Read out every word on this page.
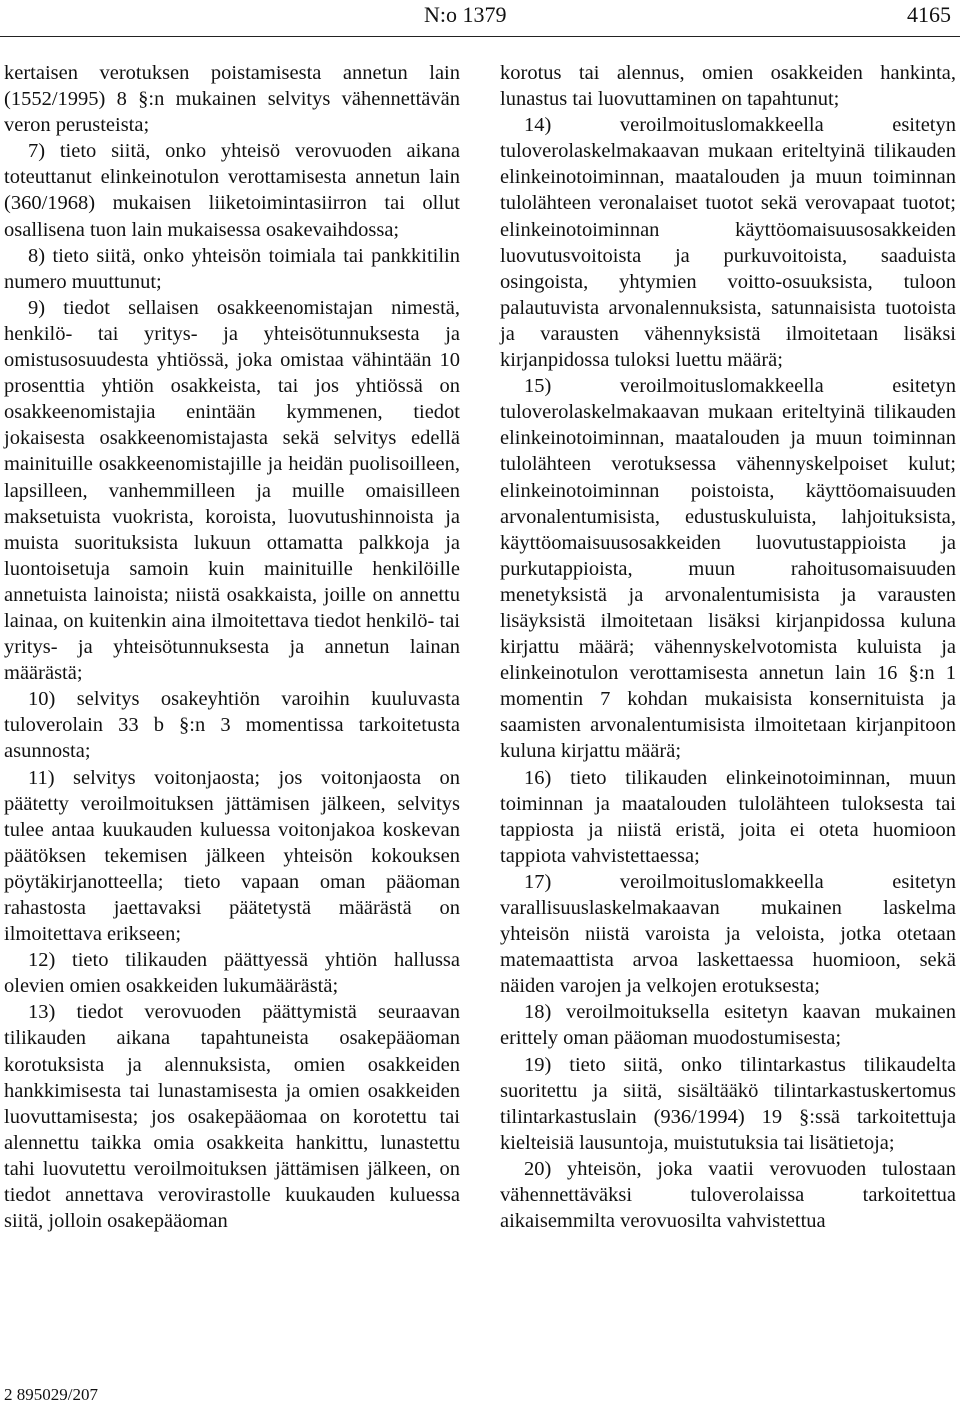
N:o 1379	4165

kertaisen verotuksen poistamisesta annetun lain (1552/1995) 8 §:n mukainen selvitys vähennettävän veron perusteista;

7) tieto siitä, onko yhteisö verovuoden aikana toteuttanut elinkeinotulon verottamisesta annetun lain (360/1968) mukaisen liiketoimintasiirron tai ollut osallisena tuon lain mukaisessa osakevaihdossa;

8) tieto siitä, onko yhteisön toimiala tai pankkitilin numero muuttunut;

9) tiedot sellaisen osakkeenomistajan nimestä, henkilö- tai yritys- ja yhteisötunnuksesta ja omistusosuudesta yhtiössä, joka omistaa vähintään 10 prosenttia yhtiön osakkeista, tai jos yhtiössä on osakkeenomistajia enintään kymmenen, tiedot jokaisesta osakkeenomistajasta sekä selvitys edellä mainituille osakkeenomistajille ja heidän puolisoilleen, lapsilleen, vanhemmilleen ja muille omaisilleen maksetuista vuokrista, koroista, luovutushinnoista ja muista suorituksista lukuun ottamatta palkkoja ja luontoisetuja samoin kuin mainituille henkilöille annetuista lainoista; niistä osakkaista, joille on annettu lainaa, on kuitenkin aina ilmoitettava tiedot henkilö- tai yritys- ja yhteisötunnuksesta ja annetun lainan määrästä;

10) selvitys osakeyhtiön varoihin kuuluvasta tuloverolain 33 b §:n 3 momentissa tarkoitetusta asunnosta;

11) selvitys voitonjaosta; jos voitonjaosta on päätetty veroilmoituksen jättämisen jälkeen, selvitys tulee antaa kuukauden kuluessa voitonjakoa koskevan päätöksen tekemisen jälkeen yhteisön kokouksen pöytäkirjanotteella; tieto vapaan oman pääoman rahastosta jaettavaksi päätetystä määrästä on ilmoitettava erikseen;

12) tieto tilikauden päättyessä yhtiön hallussa olevien omien osakkeiden lukumäärästä;

13) tiedot verovuoden päättymistä seuraavan tilikauden aikana tapahtuneista osakepääoman korotuksista ja alennuksista, omien osakkeiden hankkimisesta tai lunastamisesta ja omien osakkeiden luovuttamisesta; jos osakepääomaa on korotettu tai alennettu taikka omia osakkeita hankittu, lunastettu tahi luovutettu veroilmoituksen jättämisen jälkeen, on tiedot annettava verovirastolle kuukauden kuluessa siitä, jolloin osakepääoman

korotus tai alennus, omien osakkeiden hankinta, lunastus tai luovuttaminen on tapahtunut;

14) veroilmoituslomakkeella esitetyn tuloverolaskelmakaavan mukaan eriteltyinä tilikauden elinkeinotoiminnan, maatalouden ja muun toiminnan tulolähteen veronalaiset tuotot sekä verovapaat tuotot; elinkeinotoiminnan käyttöomaisuusosakkeiden luovutusvoitoista ja purkuvoitoista, saaduista osingoista, yhtymien voitto-osuuksista, tuloon palautuvista arvonalennuksista, satunnaisista tuotoista ja varausten vähennyksistä ilmoitetaan lisäksi kirjanpidossa tuloksi luettu määrä;

15) veroilmoituslomakkeella esitetyn tuloverolaskelmakaavan mukaan eriteltyinä tilikauden elinkeinotoiminnan, maatalouden ja muun toiminnan tulolähteen verotuksessa vähennyskelpoiset kulut; elinkeinotoiminnan poistoista, käyttöomaisuuden arvonalentumisista, edustuskuluista, lahjoituksista, käyttöomaisuusosakkeiden luovutustappioista ja purkutappioista, muun rahoitusomaisuuden menetyksistä ja arvonalentumisista ja varausten lisäyksistä ilmoitetaan lisäksi kirjanpidossa kuluna kirjattu määrä; vähennyskelvotomista kuluista ja elinkeinotulon verottamisesta annetun lain 16 §:n 1 momentin 7 kohdan mukaisista konsernituista ja saamisten arvonalentumisista ilmoitetaan kirjanpitoon kuluna kirjattu määrä;

16) tieto tilikauden elinkeinotoiminnan, muun toiminnan ja maatalouden tulolähteen tuloksesta tai tappiosta ja niistä eristä, joita ei oteta huomioon tappiota vahvistettaessa;

17) veroilmoituslomakkeella esitetyn varallisuuslaskelmakaavan mukainen laskelma yhteisön niistä varoista ja veloista, jotka otetaan matemaattista arvoa laskettaessa huomioon, sekä näiden varojen ja velkojen erotuksesta;

18) veroilmoituksella esitetyn kaavan mukainen erittely oman pääoman muodostumisesta;

19) tieto siitä, onko tilintarkastus tilikaudelta suoritettu ja siitä, sisältääkö tilintarkastuskertomus tilintarkastuslain (936/1994) 19 §:ssä tarkoitettuja kielteisiä lausuntoja, muistutuksia tai lisätietoja;

20) yhteisön, joka vaatii verovuoden tulostaan vähennettäväksi tuloverolaissa tarkoitettua aikaisemmilta verovuosilta vahvistettua

2 895029/207
